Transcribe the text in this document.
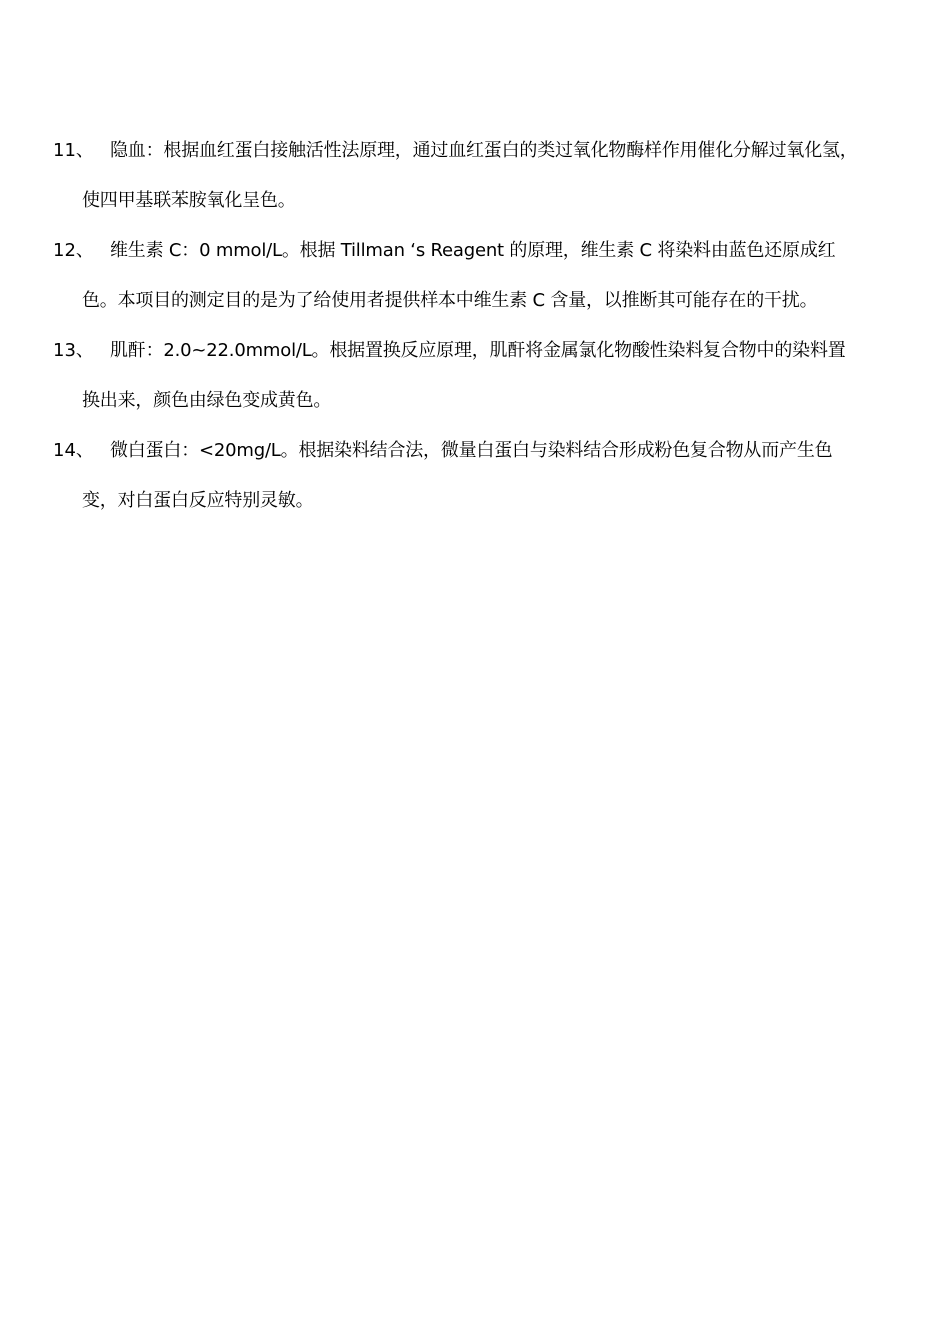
11、 隐血：根据血红蛋白接触活性法原理，通过血红蛋白的类过氧化物酶样作用催化分解过氧化氢，
使四甲基联苯胺氧化呈色。
12、 维生素 C：0 mmol/L。根据 Tillman ‘s Reagent 的原理，维生素 C 将染料由蓝色还原成红
色。本项目的测定目的是为了给使用者提供样本中维生素 C 含量，以推断其可能存在的干扰。
13、 肌酐：2.0~22.0mmol/L。根据置换反应原理，肌酐将金属氯化物酸性染料复合物中的染料置
换出来，颜色由绿色变成黄色。
14、 微白蛋白：<20mg/L。根据染料结合法，微量白蛋白与染料结合形成粉色复合物从而产生色
变，对白蛋白反应特别灵敏。
